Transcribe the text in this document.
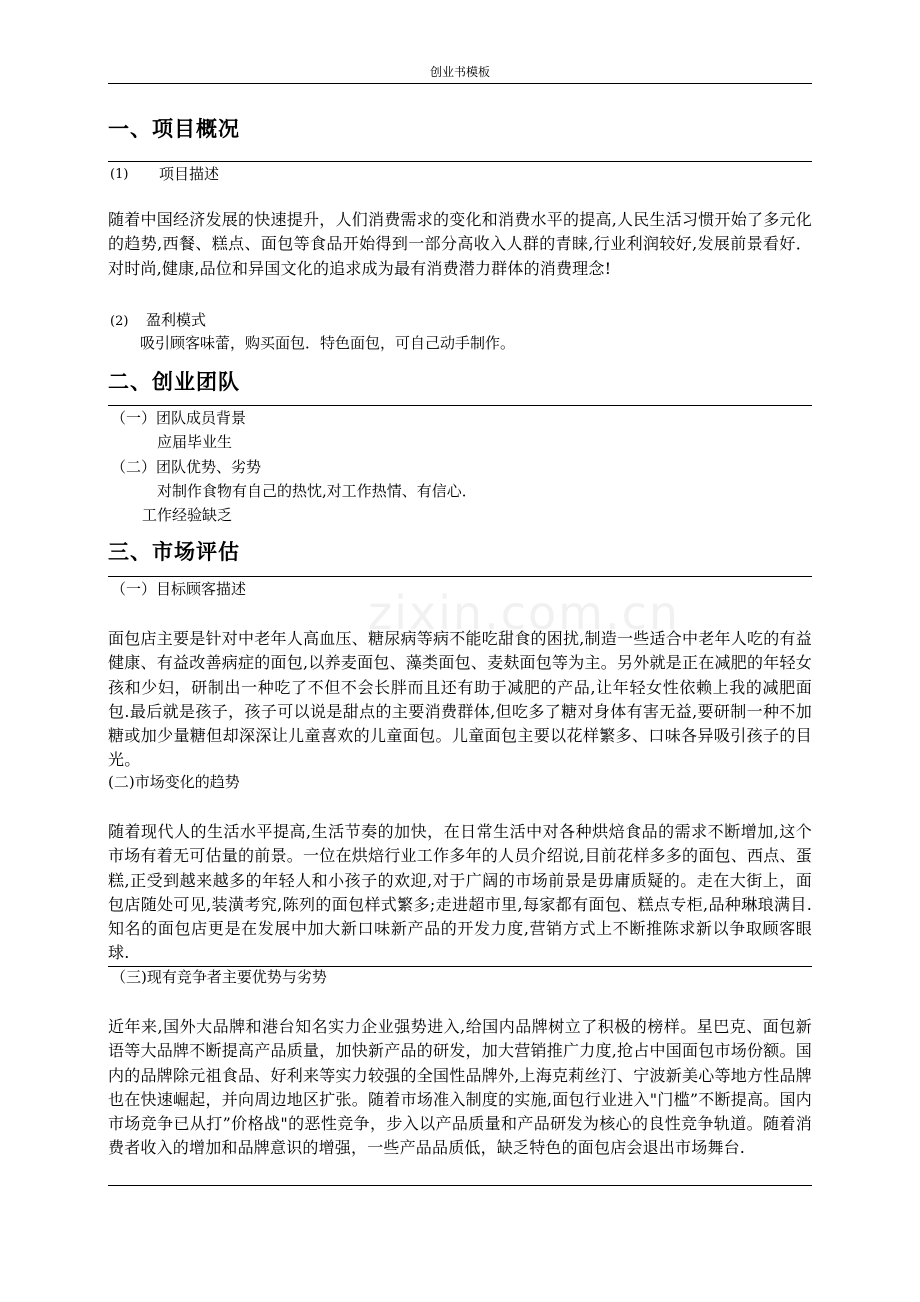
创业书模板
zixin.com.cn
一、项目概况
(1) 项目描述
随着中国经济发展的快速提升，人们消费需求的变化和消费水平的提高,人民生活习惯开始了多元化的趋势,西餐、糕点、面包等食品开始得到一部分高收入人群的青睐,行业利润较好,发展前景看好．对时尚,健康,品位和异国文化的追求成为最有消费潜力群体的消费理念!
(2) 盈利模式
吸引顾客味蕾，购买面包．特色面包，可自己动手制作。
二、创业团队
（一）团队成员背景
应届毕业生
（二）团队优势、劣势
对制作食物有自己的热忱,对工作热情、有信心．
工作经验缺乏
三、市场评估
（一）目标顾客描述
面包店主要是针对中老年人高血压、糖尿病等病不能吃甜食的困扰,制造一些适合中老年人吃的有益健康、有益改善病症的面包,以养麦面包、藻类面包、麦麸面包等为主。另外就是正在减肥的年轻女孩和少妇，研制出一种吃了不但不会长胖而且还有助于减肥的产品,让年轻女性依赖上我的减肥面包.最后就是孩子，孩子可以说是甜点的主要消费群体,但吃多了糖对身体有害无益,要研制一种不加糖或加少量糖但却深深让儿童喜欢的儿童面包。儿童面包主要以花样繁多、口味各异吸引孩子的目光。
(二)市场变化的趋势
随着现代人的生活水平提高,生活节奏的加快，在日常生活中对各种烘焙食品的需求不断增加,这个市场有着无可估量的前景。一位在烘焙行业工作多年的人员介绍说,目前花样多多的面包、西点、蛋糕,正受到越来越多的年轻人和小孩子的欢迎,对于广阔的市场前景是毋庸质疑的。走在大街上，面包店随处可见,装潢考究,陈列的面包样式繁多;走进超市里,每家都有面包、糕点专柜,品种琳琅满目.知名的面包店更是在发展中加大新口味新产品的开发力度,营销方式上不断推陈求新以争取顾客眼球.
（三)现有竞争者主要优势与劣势
近年来,国外大品牌和港台知名实力企业强势进入,给国内品牌树立了积极的榜样。星巴克、面包新语等大品牌不断提高产品质量，加快新产品的研发，加大营销推广力度,抢占中国面包市场份额。国内的品牌除元祖食品、好利来等实力较强的全国性品牌外,上海克莉丝汀、宁波新美心等地方性品牌也在快速崛起，并向周边地区扩张。随着市场准入制度的实施,面包行业进入"门槛”不断提高。国内市场竞争已从打”价格战"的恶性竞争，步入以产品质量和产品研发为核心的良性竞争轨道。随着消费者收入的增加和品牌意识的增强，一些产品品质低，缺乏特色的面包店会退出市场舞台.
